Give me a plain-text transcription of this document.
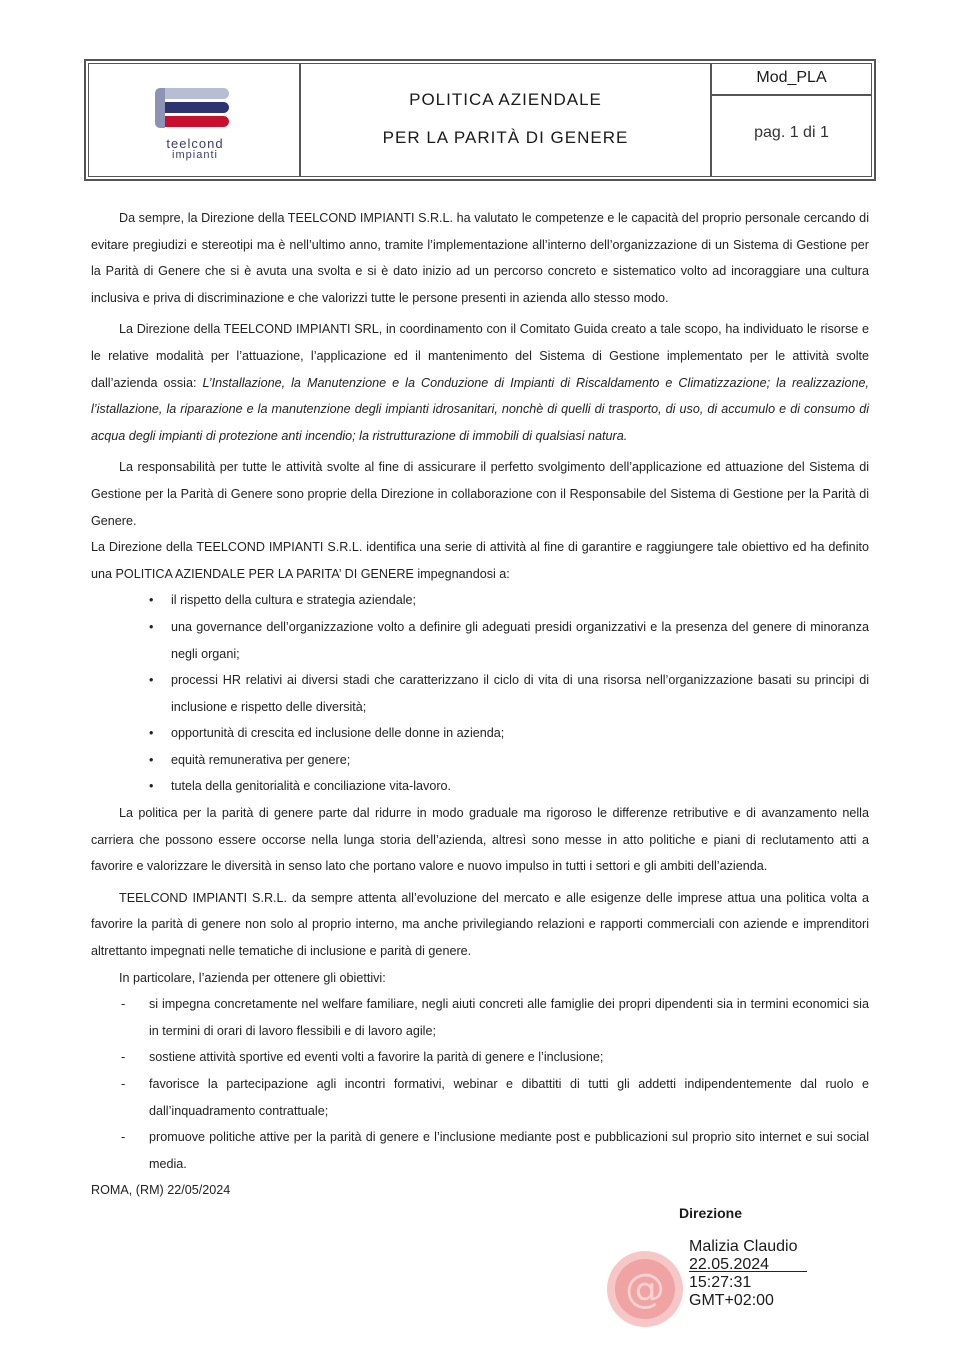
teelcond
impianti
POLITICA AZIENDALE
PER LA PARITÀ DI GENERE
Mod_PLA
pag. 1 di 1

Da sempre, la Direzione della TEELCOND IMPIANTI S.R.L. ha valutato le competenze e le capacità del proprio personale cercando di evitare pregiudizi e stereotipi ma è nell’ultimo anno, tramite l’implementazione all’interno dell’organizzazione di un Sistema di Gestione per la Parità di Genere che si è avuta una svolta e si è dato inizio ad un percorso concreto e sistematico volto ad incoraggiare una cultura inclusiva e priva di discriminazione e che valorizzi tutte le persone presenti in azienda allo stesso modo.

La Direzione della TEELCOND IMPIANTI SRL, in coordinamento con il Comitato Guida creato a tale scopo, ha individuato le risorse e le relative modalità per l’attuazione, l’applicazione ed il mantenimento del Sistema di Gestione implementato per le attività svolte dall’azienda ossia: L’Installazione, la Manutenzione e la Conduzione di Impianti di Riscaldamento e Climatizzazione; la realizzazione, l’istallazione, la riparazione e la manutenzione degli impianti idrosanitari, nonchè di quelli di trasporto, di uso, di accumulo e di consumo di acqua degli impianti di protezione anti incendio; la ristrutturazione di immobili di qualsiasi natura.

La responsabilità per tutte le attività svolte al fine di assicurare il perfetto svolgimento dell’applicazione ed attuazione del Sistema di Gestione per la Parità di Genere sono proprie della Direzione in collaborazione con il Responsabile del Sistema di Gestione per la Parità di Genere.

La Direzione della TEELCOND IMPIANTI S.R.L. identifica una serie di attività al fine di garantire e raggiungere tale obiettivo ed ha definito una POLITICA AZIENDALE PER LA PARITA’ DI GENERE impegnandosi a:

• il rispetto della cultura e strategia aziendale;
• una governance dell’organizzazione volto a definire gli adeguati presidi organizzativi e la presenza del genere di minoranza negli organi;
• processi HR relativi ai diversi stadi che caratterizzano il ciclo di vita di una risorsa nell’organizzazione basati su principi di inclusione e rispetto delle diversità;
• opportunità di crescita ed inclusione delle donne in azienda;
• equità remunerativa per genere;
• tutela della genitorialità e conciliazione vita-lavoro.

La politica per la parità di genere parte dal ridurre in modo graduale ma rigoroso le differenze retributive e di avanzamento nella carriera che possono essere occorse nella lunga storia dell’azienda, altresì sono messe in atto politiche e piani di reclutamento atti a favorire e valorizzare le diversità in senso lato che portano valore e nuovo impulso in tutti i settori e gli ambiti dell’azienda.

TEELCOND IMPIANTI S.R.L. da sempre attenta all’evoluzione del mercato e alle esigenze delle imprese attua una politica volta a favorire la parità di genere non solo al proprio interno, ma anche privilegiando relazioni e rapporti commerciali con aziende e imprenditori altrettanto impegnati nelle tematiche di inclusione e parità di genere.

In particolare, l’azienda per ottenere gli obiettivi:

- si impegna concretamente nel welfare familiare, negli aiuti concreti alle famiglie dei propri dipendenti sia in termini economici sia in termini di orari di lavoro flessibili e di lavoro agile;
- sostiene attività sportive ed eventi volti a favorire la parità di genere e l’inclusione;
- favorisce la partecipazione agli incontri formativi, webinar e dibattiti di tutti gli addetti indipendentemente dal ruolo e dall’inquadramento contrattuale;
- promuove politiche attive per la parità di genere e l’inclusione mediante post e pubblicazioni sul proprio sito internet e sui social media.

ROMA, (RM) 22/05/2024

Direzione
@
Malizia Claudio
22.05.2024
15:27:31
GMT+02:00
